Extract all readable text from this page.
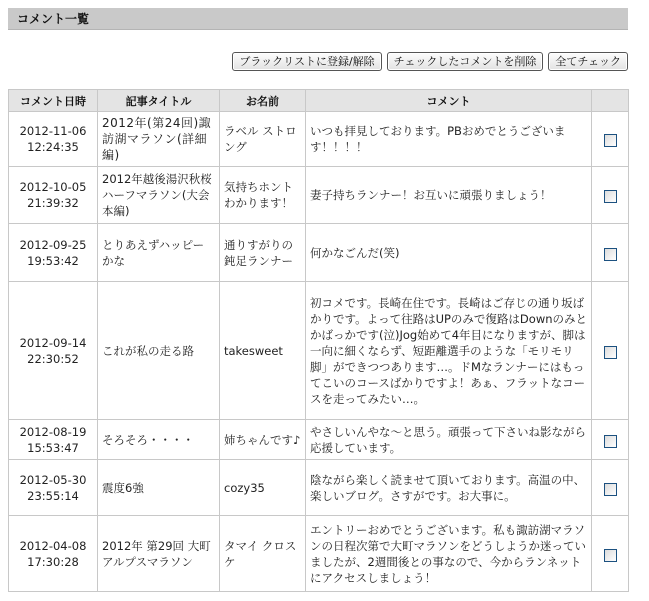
コメント一覧
ブラックリストに登録/解除	チェックしたコメントを削除	全てチェック
コメント日時	記事タイトル	お名前	コメント	

2012-11-06
12:24:35	2012年(第24回)諏訪湖マラソン(詳細編)	ラベル ストロング	いつも拝見しております。PBおめでとうございます！！！！	

2012-10-05
21:39:32	2012年越後湯沢秋桜ハーフマラソン(大会本編)	気持ちホントわかります！	妻子持ちランナー！お互いに頑張りましょう！	

2012-09-25
19:53:42	とりあえずハッピーかな	通りすがりの鈍足ランナー	何かなごんだ(笑)	

2012-09-14
22:30:52	これが私の走る路	takesweet	初コメです。長崎在住です。長崎はご存じの通り坂ばかりです。よって往路はUPのみで復路はDownのみとかばっかです(泣)Jog始めて4年目になりますが、脚は一向に細くならず、短距離選手のような「モリモリ脚」ができつつあります…。ドMなランナーにはもってこいのコースばかりですよ！あぁ、フラットなコースを走ってみたい…。	

2012-08-19
15:53:47	そろそろ・・・・	姉ちゃんです♪	やさしいんやな～と思う。頑張って下さいね影ながら応援しています。	

2012-05-30
23:55:14	震度6強	cozy35	陰ながら楽しく読ませて頂いております。高温の中、楽しいブログ。さすがです。お大事に。	

2012-04-08
17:30:28	2012年 第29回 大町アルプスマラソン	タマイ クロスケ	エントリーおめでとうございます。私も諏訪湖マラソンの日程次第で大町マラソンをどうしようか迷っていましたが、2週間後との事なので、今からランネットにアクセスしましょう！	
